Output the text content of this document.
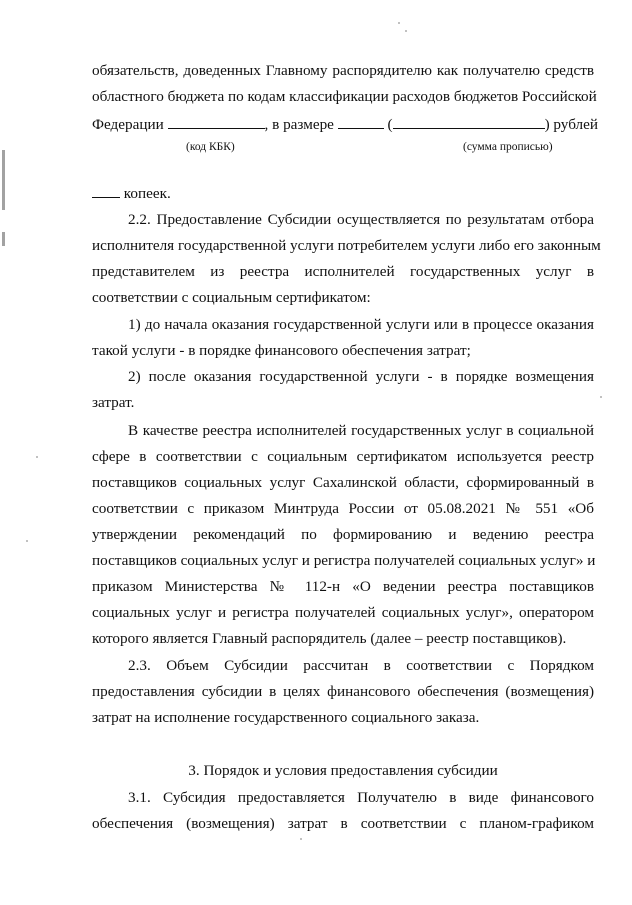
обязательств, доведенных Главному распорядителю как получателю средств
областного бюджета по кодам классификации расходов бюджетов Российской
Федерации	, в размере	(	) рублей
(код КБК)	(сумма прописью)
копеек.
2.2. Предоставление Субсидии осуществляется по результатам отбора
исполнителя государственной услуги потребителем услуги либо его законным
представителем из реестра исполнителей государственных услуг в
соответствии с социальным сертификатом:
1) до начала оказания государственной услуги или в процессе оказания
такой услуги - в порядке финансового обеспечения затрат;
2) после оказания государственной услуги - в порядке возмещения
затрат.
В качестве реестра исполнителей государственных услуг в социальной
сфере в соответствии с социальным сертификатом используется реестр
поставщиков социальных услуг Сахалинской области, сформированный в
соответствии с приказом Минтруда России от 05.08.2021 № 551 «Об
утверждении рекомендаций по формированию и ведению реестра
поставщиков социальных услуг и регистра получателей социальных услуг» и
приказом Министерства № 112-н «О ведении реестра поставщиков
социальных услуг и регистра получателей социальных услуг», оператором
которого является Главный распорядитель (далее – реестр поставщиков).
2.3. Объем Субсидии рассчитан в соответствии с Порядком
предоставления субсидии в целях финансового обеспечения (возмещения)
затрат на исполнение государственного социального заказа.
3. Порядок и условия предоставления субсидии
3.1. Субсидия предоставляется Получателю в виде финансового
обеспечения (возмещения) затрат в соответствии с планом-графиком
